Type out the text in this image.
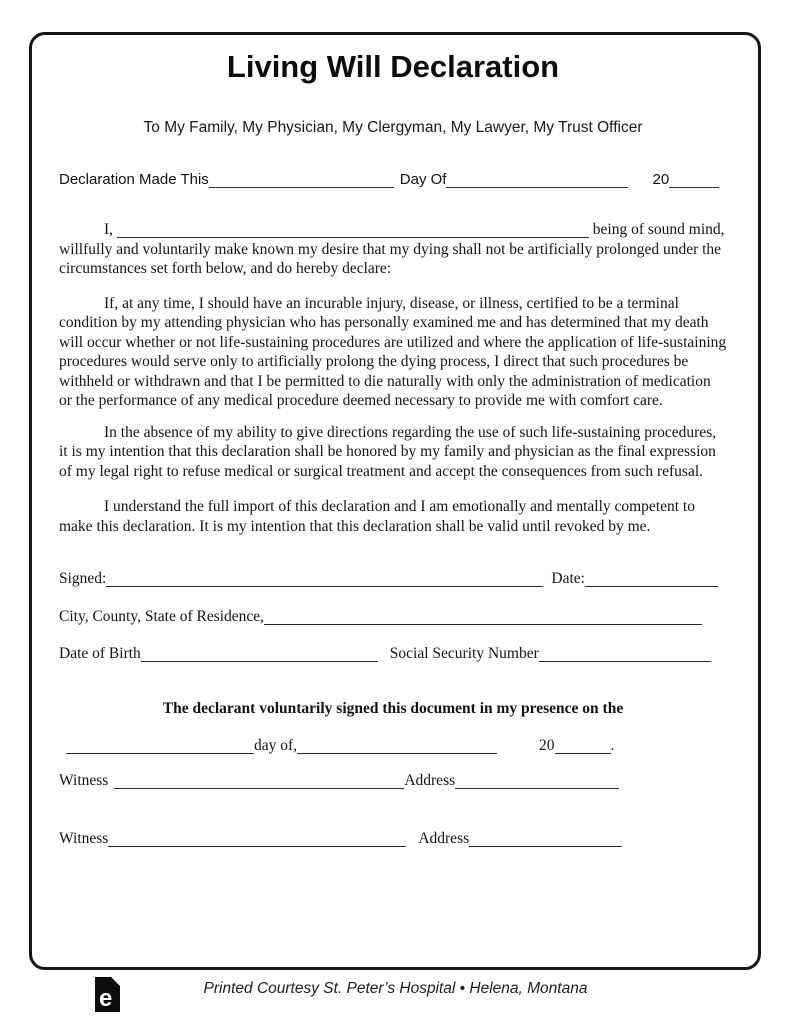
Living Will Declaration
To My Family, My Physician, My Clergyman, My Lawyer, My Trust Officer
Declaration Made This	Day Of	20

I,	being of sound mind, willfully and voluntarily make known my desire that my dying shall not be artificially prolonged under the circumstances set forth below, and do hereby declare:

If, at any time, I should have an incurable injury, disease, or illness, certified to be a terminal condition by my attending physician who has personally examined me and has determined that my death will occur whether or not life-sustaining procedures are utilized and where the application of life-sustaining procedures would serve only to artificially prolong the dying process, I direct that such procedures be withheld or withdrawn and that I be permitted to die naturally with only the administration of medication or the performance of any medical procedure deemed necessary to provide me with comfort care.

In the absence of my ability to give directions regarding the use of such life-sustaining procedures, it is my intention that this declaration shall be honored by my family and physician as the final expression of my legal right to refuse medical or surgical treatment and accept the consequences from such refusal.

I understand the full import of this declaration and I am emotionally and mentally competent to make this declaration. It is my intention that this declaration shall be valid until revoked by me.

Signed:	Date:
City, County, State of Residence,
Date of Birth	Social Security Number
The declarant voluntarily signed this document in my presence on the
day of,	20	.
Witness	Address
Witness	Address
e	Printed Courtesy St. Peter’s Hospital • Helena, Montana
